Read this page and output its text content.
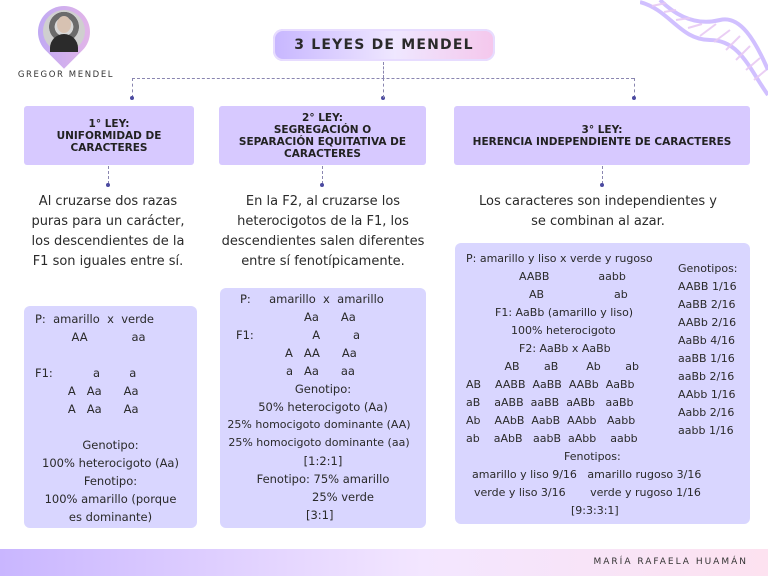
GREGOR MENDEL
3 LEYES DE MENDEL
1° LEY:
UNIFORMIDAD DE
CARACTERES
2° LEY:
SEGREGACIÓN O
SEPARACIÓN EQUITATIVA DE
CARACTERES
3° LEY:
HERENCIA INDEPENDIENTE DE CARACTERES
Al cruzarse dos razas
puras para un carácter,
los descendientes de la
F1 son iguales entre sí.
En la F2, al cruzarse los
heterocigotos de la F1, los
descendientes salen diferentes
entre sí fenotípicamente.
Los caracteres son independientes y
se combinan al azar.
P:  amarillo  x  verde
AA            aa
F1:           a        a
A   Aa      Aa
A   Aa      Aa
Genotipo:
100% heterocigoto (Aa)
Fenotipo:
100% amarillo (porque
es dominante)
P:     amarillo  x  amarillo
Aa      Aa
F1:                A         a
A   AA      Aa
a   Aa      aa
Genotipo:
50% heterocigoto (Aa)
25% homocigoto dominante (AA)
25% homocigoto dominante (aa)
[1:2:1]
Fenotipo: 75% amarillo
25% verde
[3:1]
P: amarillo y liso x verde y rugoso
AABB              aabb
AB                    ab
F1: AaBb (amarillo y liso)
100% heterocigoto
F2: AaBb x AaBb
AB       aB        Ab       ab
AB    AABB  AaBB  AABb  AaBb
aB    aABB  aaBB  aABb   aaBb
Ab    AAbB  AabB  AAbb   Aabb
ab    aAbB   aabB  aAbb    aabb
Fenotipos:
amarillo y liso 9/16   amarillo rugoso 3/16
verde y liso 3/16       verde y rugoso 1/16
[9:3:3:1]
Genotipos:
AABB 1/16
AaBB 2/16
AABb 2/16
AaBb 4/16
aaBB 1/16
aaBb 2/16
AAbb 1/16
Aabb 2/16
aabb 1/16
MARÍA RAFAELA HUAMÁN
